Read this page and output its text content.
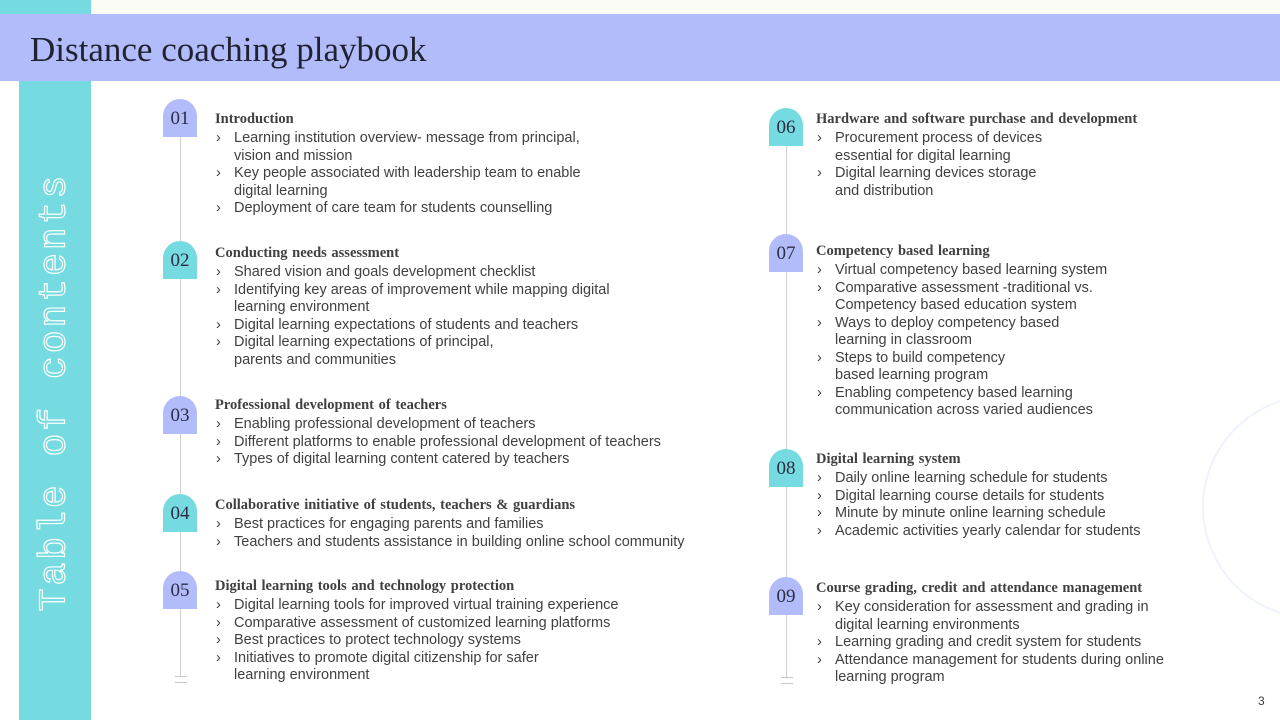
Table of contents
Distance coaching playbook
01	Introduction
› Learning institution overview- message from principal,
vision and mission
› Key people associated with leadership team to enable
digital learning
› Deployment of care team for students counselling
02	Conducting needs assessment
› Shared vision and goals development checklist
› Identifying key areas of improvement while mapping digital
learning environment
› Digital learning expectations of students and teachers
› Digital learning expectations of principal,
parents and communities
03	Professional development of teachers
› Enabling professional development of teachers
› Different platforms to enable professional development of teachers
› Types of digital learning content catered by teachers
04	Collaborative initiative of students, teachers & guardians
› Best practices for engaging parents and families
› Teachers and students assistance in building online school community
05	Digital learning tools and technology protection
› Digital learning tools for improved virtual training experience
› Comparative assessment of customized learning platforms
› Best practices to protect technology systems
› Initiatives to promote digital citizenship for safer
learning environment
06	Hardware and software purchase and development
› Procurement process of devices
essential for digital learning
› Digital learning devices storage
and distribution
07	Competency based learning
› Virtual competency based learning system
› Comparative assessment -traditional vs.
Competency based education system
› Ways to deploy competency based
learning in classroom
› Steps to build competency
based learning program
› Enabling competency based learning
communication across varied audiences
08	Digital learning system
› Daily online learning schedule for students
› Digital learning course details for students
› Minute by minute online learning schedule
› Academic activities yearly calendar for students
09	Course grading, credit and attendance management
› Key consideration for assessment and grading in
digital learning environments
› Learning grading and credit system for students
› Attendance management for students during online
learning program
3
